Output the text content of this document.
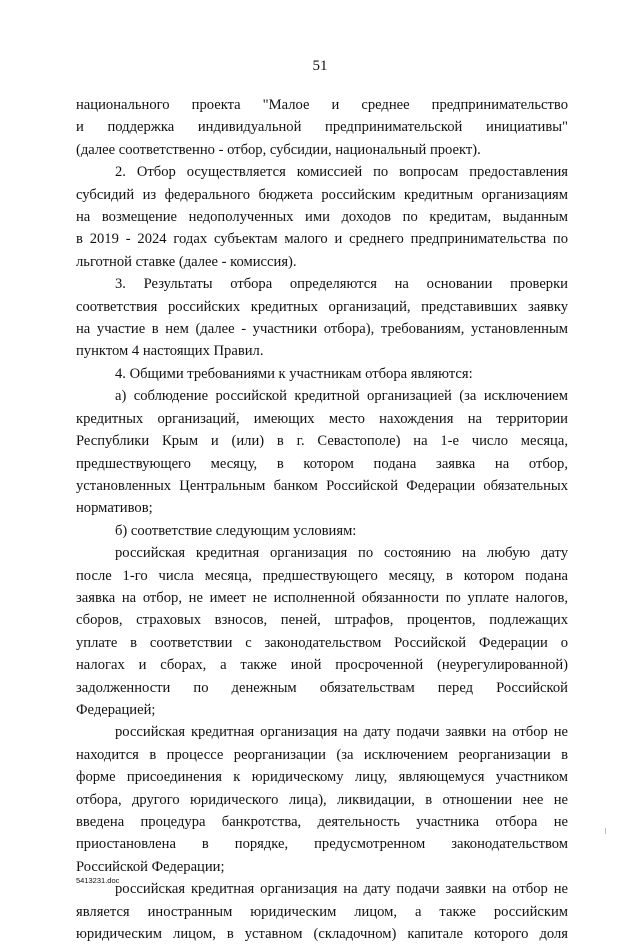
51
национального проекта "Малое и среднее предпринимательство
и поддержка индивидуальной предпринимательской инициативы"
(далее соответственно - отбор, субсидии, национальный проект).
2. Отбор осуществляется комиссией по вопросам предоставления
субсидий из федерального бюджета российским кредитным организациям
на возмещение недополученных ими доходов по кредитам, выданным
в 2019 - 2024 годах субъектам малого и среднего предпринимательства по
льготной ставке (далее - комиссия).
3. Результаты отбора определяются на основании проверки
соответствия российских кредитных организаций, представивших заявку
на участие в нем (далее - участники отбора), требованиям, установленным
пунктом 4 настоящих Правил.
4. Общими требованиями к участникам отбора являются:
а) соблюдение российской кредитной организацией (за исключением
кредитных организаций, имеющих место нахождения на территории
Республики Крым и (или) в г. Севастополе) на 1-е число месяца,
предшествующего месяцу, в котором подана заявка на отбор,
установленных Центральным банком Российской Федерации обязательных
нормативов;
б) соответствие следующим условиям:
российская кредитная организация по состоянию на любую дату
после 1-го числа месяца, предшествующего месяцу, в котором подана
заявка на отбор, не имеет не исполненной обязанности по уплате налогов,
сборов, страховых взносов, пеней, штрафов, процентов, подлежащих
уплате в соответствии с законодательством Российской Федерации о
налогах и сборах, а также иной просроченной (неурегулированной)
задолженности по денежным обязательствам перед Российской
Федерацией;
российская кредитная организация на дату подачи заявки на отбор не
находится в процессе реорганизации (за исключением реорганизации в
форме присоединения к юридическому лицу, являющемуся участником
отбора, другого юридического лица), ликвидации, в отношении нее не
введена процедура банкротства, деятельность участника отбора не
приостановлена в порядке, предусмотренном законодательством
Российской Федерации;
российская кредитная организация на дату подачи заявки на отбор не
является иностранным юридическим лицом, а также российским
юридическим лицом, в уставном (складочном) капитале которого доля
5413231.doc
